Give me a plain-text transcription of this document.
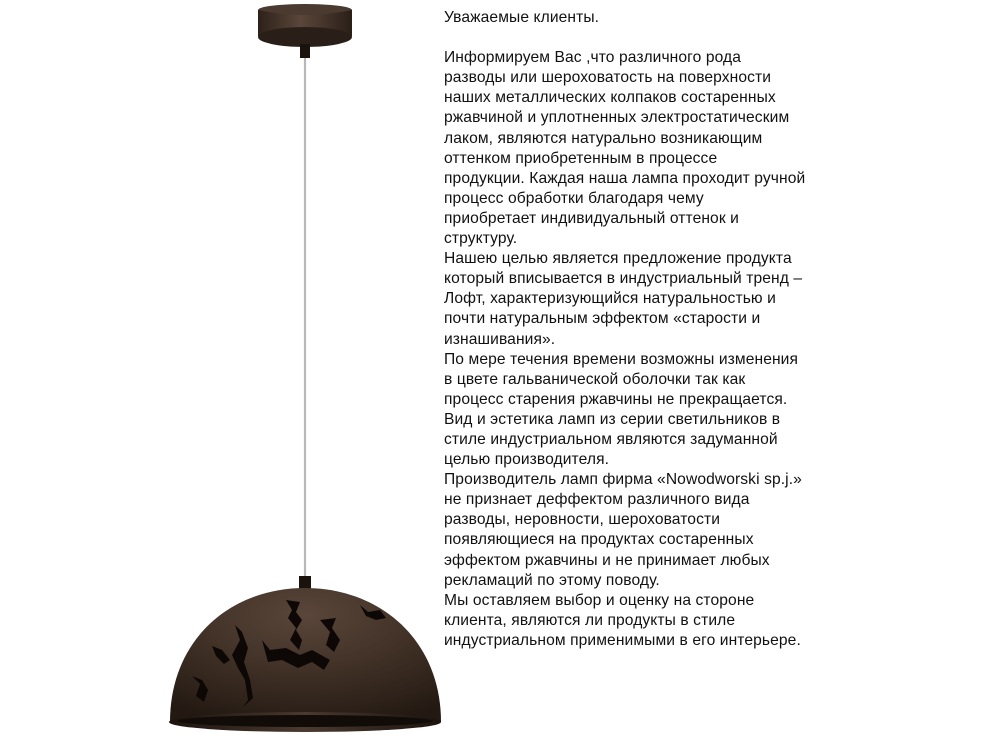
Уважаемые клиенты.
Информируем Вас ,что различного рода
разводы или шероховатость на поверхности
наших металлических колпаков состаренных
ржавчиной и уплотненных электростатическим
лаком, являются натурально возникающим
оттенком приобретенным в процессе
продукции. Каждая наша лампа проходит ручной
процесс обработки благодаря чему
приобретает индивидуальный оттенок и
структуру.
Нашею целью является предложение продукта
который вписывается в индустриальный тренд –
Лофт, характеризующийся натуральностью и
почти натуральным эффектом «старости и
изнашивания».
По мере течения времени возможны изменения
в цвете гальванической оболочки так как
процесс старения ржавчины не прекращается.
Вид и эстетика ламп из серии светильников в
стиле индустриальном являются задуманной
целью производителя.
Производитель ламп фирма «Nowodworski sp.j.»
не признает деффектом различного вида
разводы, неровности, шероховатости
появляющиеся на продуктах состаренных
эффектом ржавчины и не принимает любых
рекламаций по этому поводу.
Мы оставляем выбор и оценку на стороне
клиента, являются ли продукты в стиле
индустриальном применимыми в его интерьере.
